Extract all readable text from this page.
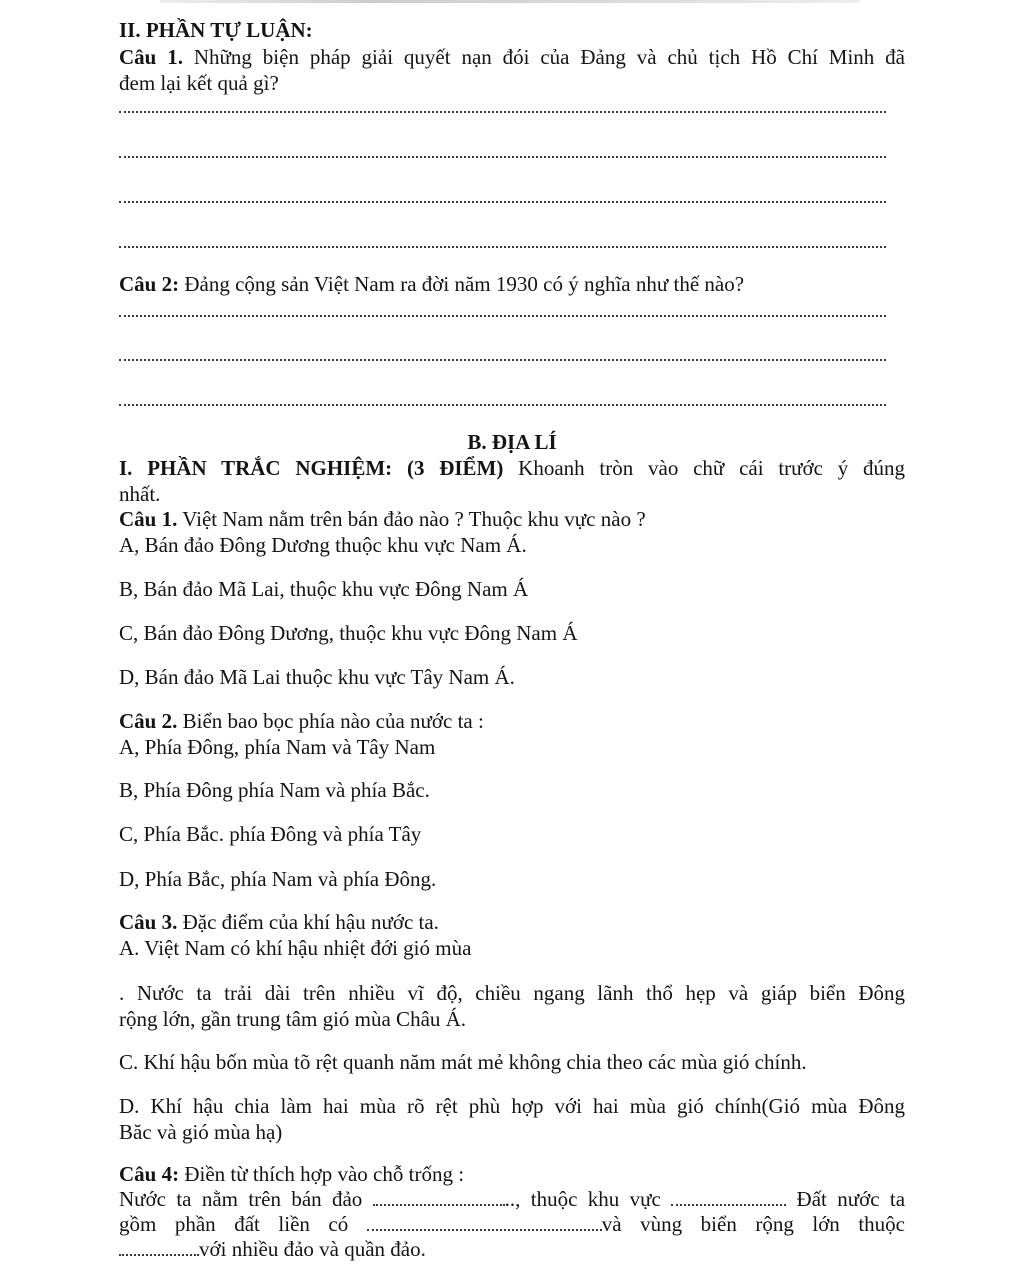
II. PHẦN TỰ LUẬN:
Câu 1. Những biện pháp giải quyết nạn đói của Đảng và chủ tịch Hồ Chí Minh đã
đem lại kết quả gì?
Câu 2: Đảng cộng sản Việt Nam ra đời năm 1930 có ý nghĩa như thế nào?
B. ĐỊA LÍ
I. PHẦN TRẮC NGHIỆM: (3 ĐIỂM) Khoanh tròn vào chữ cái trước ý đúng
nhất.
Câu 1. Việt Nam nằm trên bán đảo nào ? Thuộc khu vực nào ?
A, Bán đảo Đông Dương thuộc khu vực Nam Á.
B, Bán đảo Mã Lai, thuộc khu vực Đông Nam Á
C, Bán đảo Đông Dương, thuộc khu vực Đông Nam Á
D, Bán đảo Mã Lai thuộc khu vực Tây Nam Á.
Câu 2. Biển bao bọc phía nào của nước ta :
A, Phía Đông, phía Nam và Tây Nam
B, Phía Đông phía Nam và phía Bắc.
C, Phía Bắc. phía Đông và phía Tây
D, Phía Bắc, phía Nam và phía Đông.
Câu 3. Đặc điểm của khí hậu nước ta.
A. Việt Nam có khí hậu nhiệt đới gió mùa
. Nước ta trải dài trên nhiều vĩ độ, chiều ngang lãnh thổ hẹp và giáp biển Đông
rộng lớn, gần trung tâm gió mùa Châu Á.
C. Khí hậu bốn mùa tõ rệt quanh năm mát mẻ không chia theo các mùa gió chính.
D. Khí hậu chia làm hai mùa rõ rệt phù hợp với hai mùa gió chính(Gió mùa Đông
Băc và gió mùa hạ)
Câu 4: Điền từ thích hợp vào chỗ trống :
Nước ta nằm trên bán đảo	.., thuộc khu vực	Đất nước ta
gồm phần đất liền có	và vùng biển rộng lớn thuộc
với nhiều đảo và quần đảo.
